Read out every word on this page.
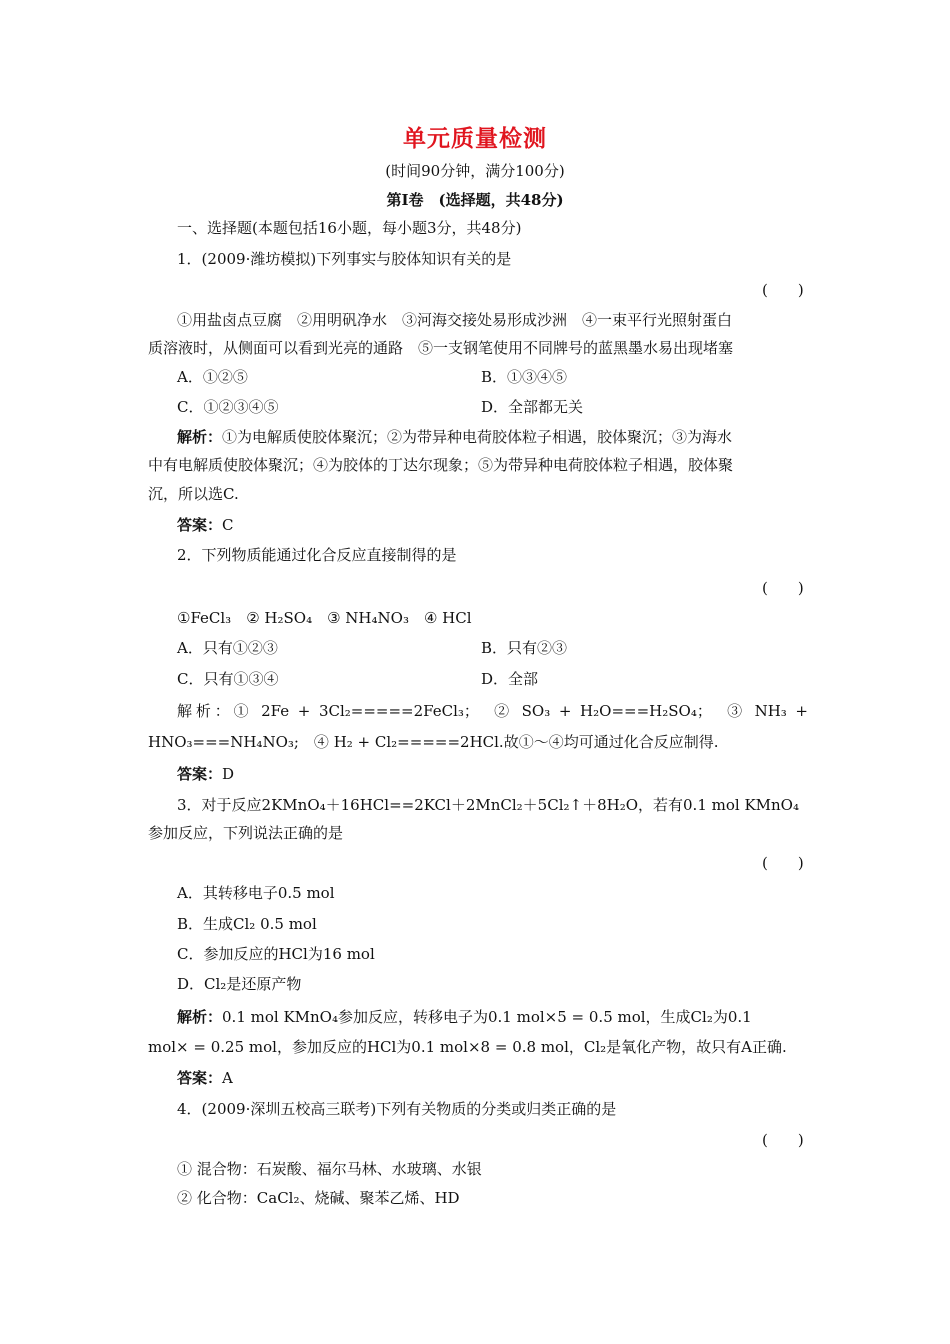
单元质量检测
(时间90分钟，满分100分)
第Ⅰ卷　(选择题，共48分)
一、选择题(本题包括16小题，每小题3分，共48分)
1．(2009·潍坊模拟)下列事实与胶体知识有关的是
(　　)
①用盐卤点豆腐　②用明矾净水　③河海交接处易形成沙洲　④一束平行光照射蛋白
质溶液时，从侧面可以看到光亮的通路　⑤一支钢笔使用不同牌号的蓝黑墨水易出现堵塞
A．①②⑤	B．①③④⑤
C．①②③④⑤	D．全部都无关
解析：①为电解质使胶体聚沉；②为带异种电荷胶体粒子相遇，胶体聚沉；③为海水
中有电解质使胶体聚沉；④为胶体的丁达尔现象；⑤为带异种电荷胶体粒子相遇，胶体聚
沉，所以选C.
答案：C
2．下列物质能通过化合反应直接制得的是
(　　)
①FeCl₃　② H₂SO₄　③ NH₄NO₃　④ HCl
A．只有①②③	B．只有②③
C．只有①③④	D．全部
解析：① 2Fe + 3Cl₂=====2FeCl₃；　② SO₃ + H₂O===H₂SO₄；　③ NH₃ +
HNO₃===NH₄NO₃;　④ H₂ + Cl₂=====2HCl.故①～④均可通过化合反应制得.
答案：D
3．对于反应2KMnO₄＋16HCl==2KCl＋2MnCl₂＋5Cl₂↑＋8H₂O，若有0.1 mol KMnO₄
参加反应，下列说法正确的是
(　　)
A．其转移电子0.5 mol
B．生成Cl₂ 0.5 mol
C．参加反应的HCl为16 mol
D．Cl₂是还原产物
解析：0.1 mol KMnO₄参加反应，转移电子为0.1 mol×5 = 0.5 mol，生成Cl₂为0.1
mol× = 0.25 mol，参加反应的HCl为0.1 mol×8 = 0.8 mol，Cl₂是氧化产物，故只有A正确.
答案：A
4．(2009·深圳五校高三联考)下列有关物质的分类或归类正确的是
(　　)
① 混合物：石炭酸、福尔马林、水玻璃、水银
② 化合物：CaCl₂、烧碱、聚苯乙烯、HD
